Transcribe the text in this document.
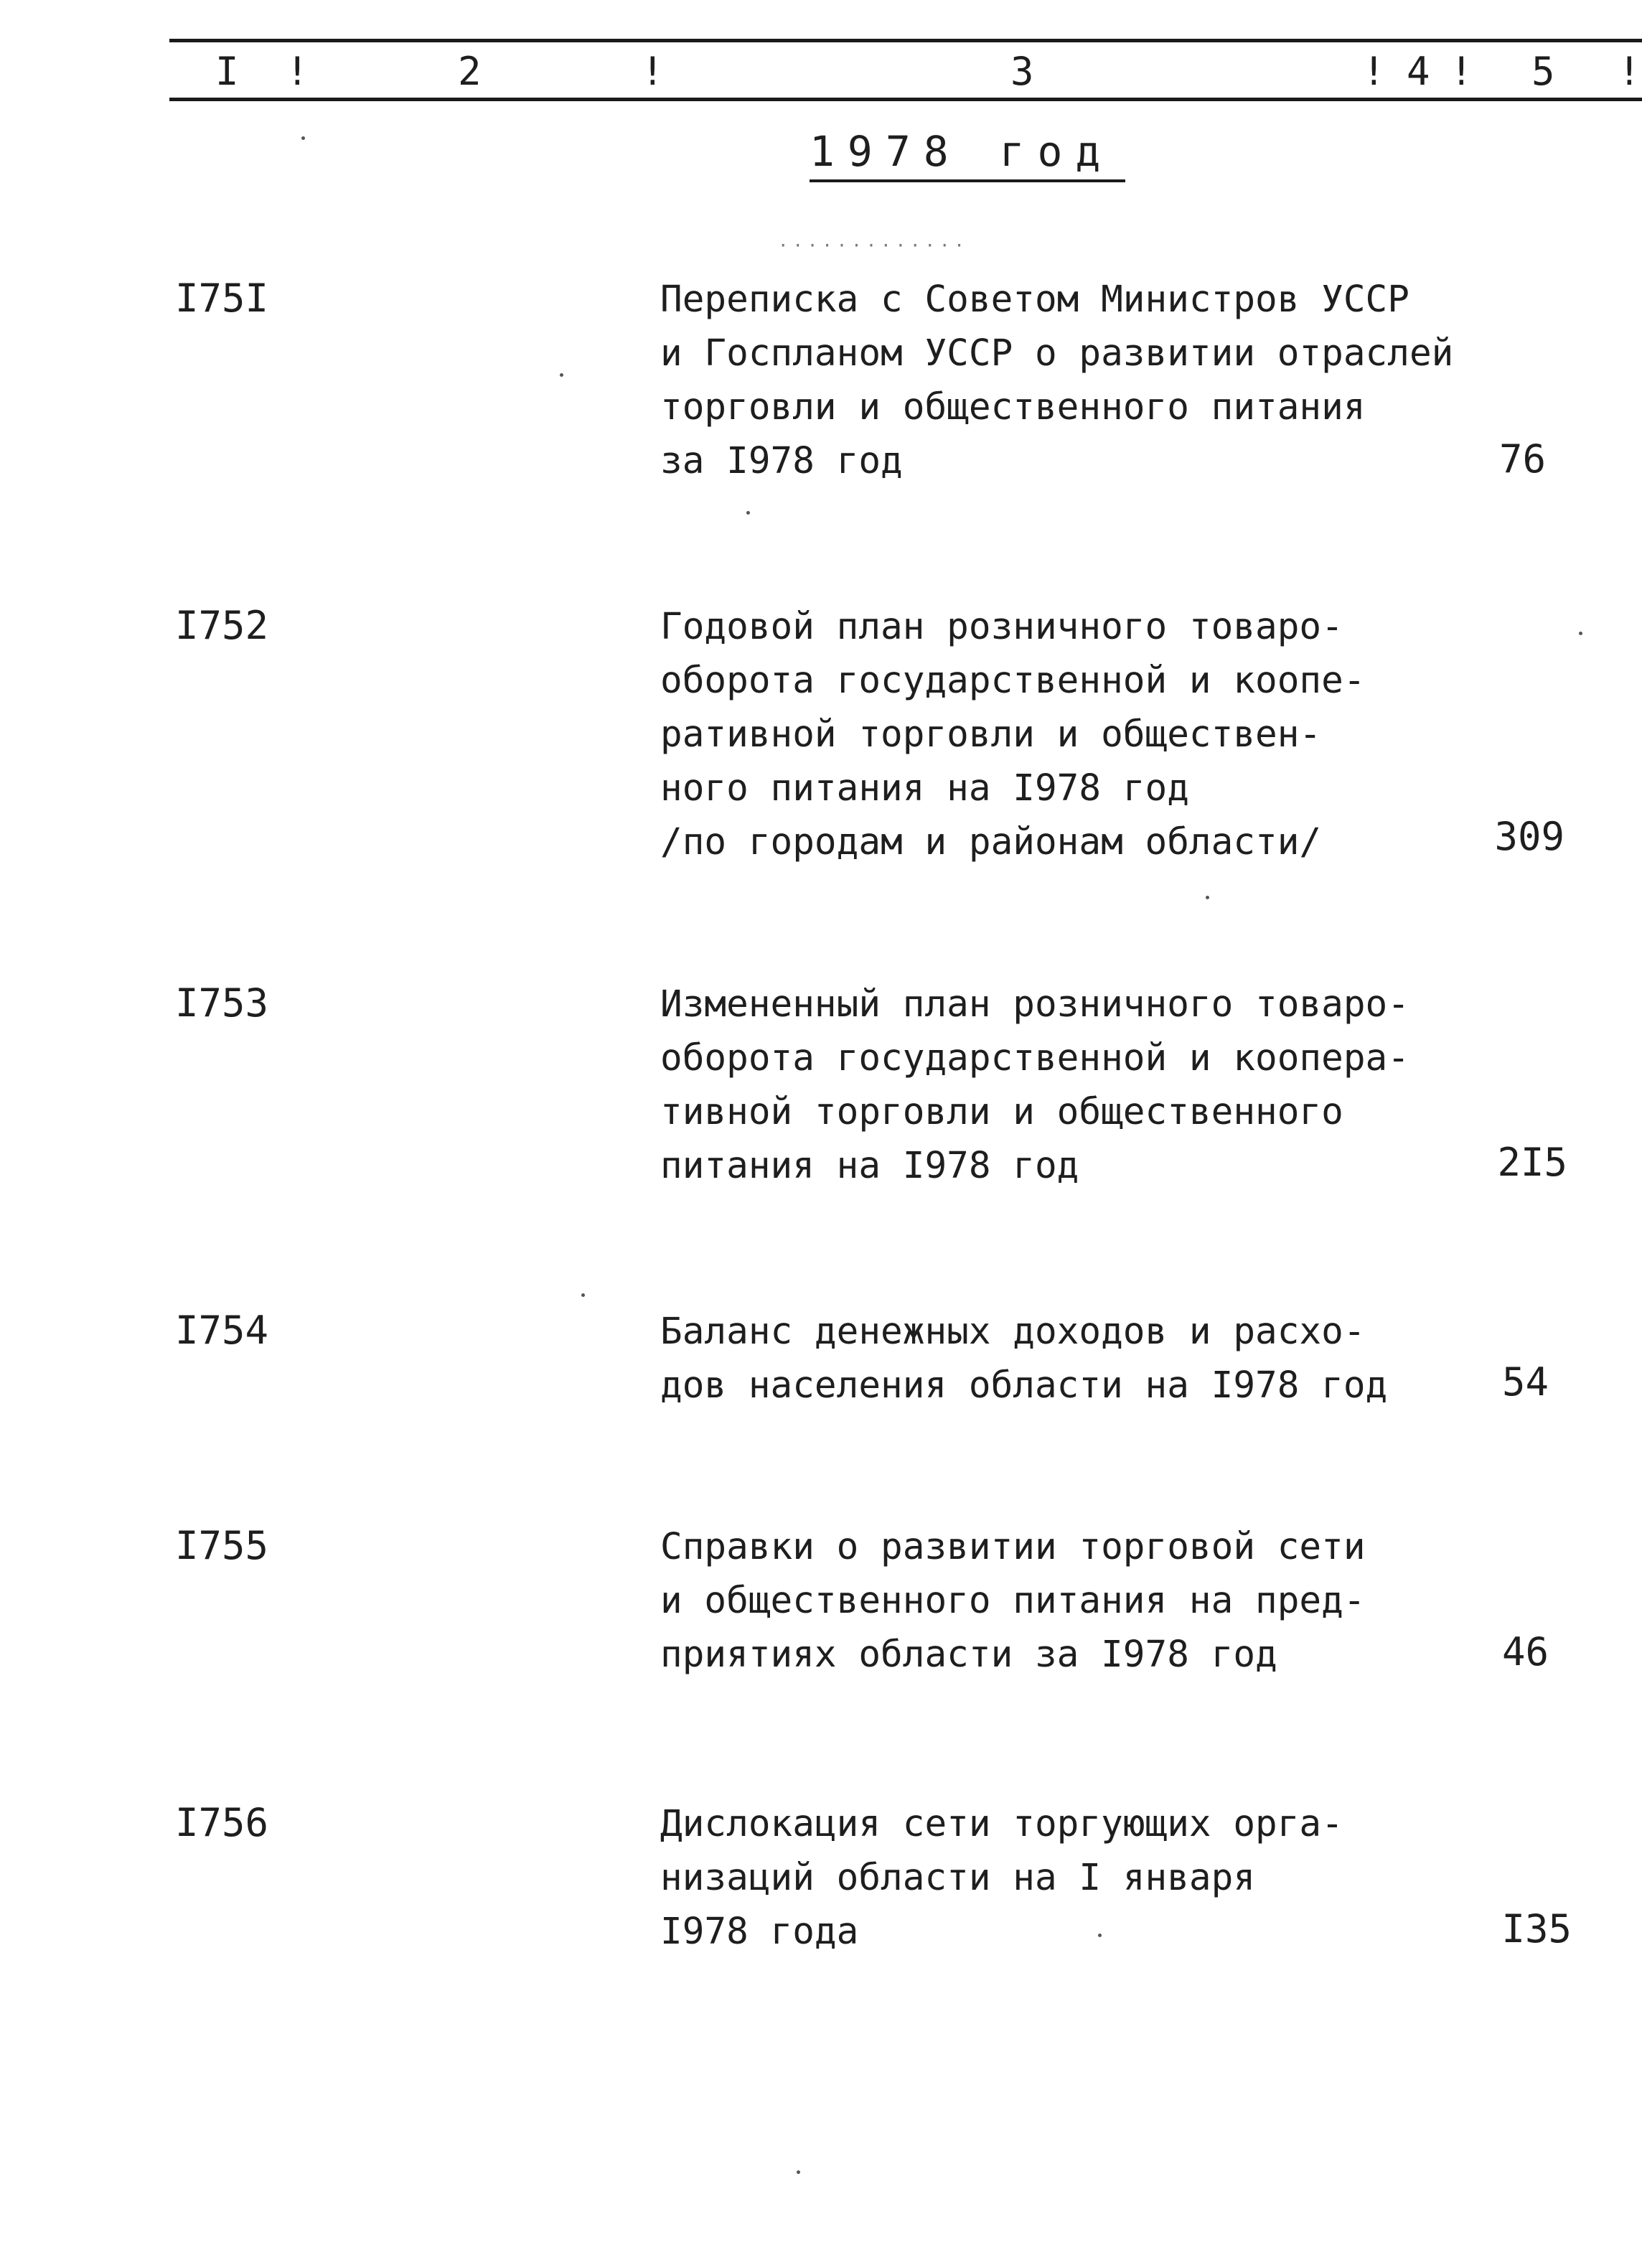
I !	2	!	3	! 4 ! 5 !
1978 год
·············
I75I	Переписка с Советом Министров УССР
и Госпланом УССР о развитии отраслей
торговли и общественного питания
за I978 год	76
I752	Годовой план розничного товаро-
оборота государственной и коопе-
ративной торговли и обществен-
ного питания на I978 год
/по городам и районам области/	309
I753	Измененный план розничного товаро-
оборота государственной и коопера-
тивной торговли и общественного
питания на I978 год	2I5
I754	Баланс денежных доходов и расхо-
дов населения области на I978 год	54
I755	Справки о развитии торговой сети
и общественного питания на пред-
приятиях области за I978 год	46
I756	Дислокация сети торгующих орга-
низаций области на I января
I978 года	I35
